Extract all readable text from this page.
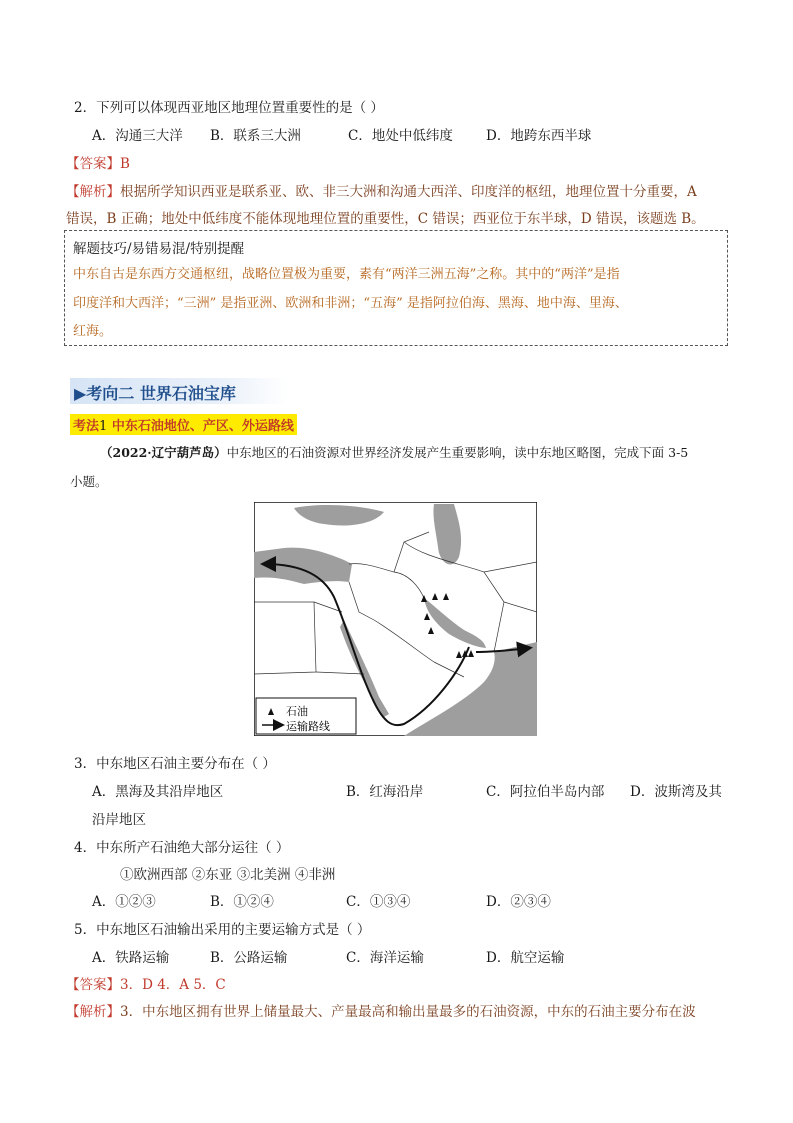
2．下列可以体现西亚地区地理位置重要性的是（ ）
A．沟通三大洋 B．联系三大洲	C．地处中低纬度 D．地跨东西半球
【答案】B
【解析】根据所学知识西亚是联系亚、欧、非三大洲和沟通大西洋、印度洋的枢纽，地理位置十分重要，A
错误，B 正确；地处中低纬度不能体现地理位置的重要性，C 错误；西亚位于东半球，D 错误，该题选 B。
解题技巧/易错易混/特别提醒
中东自古是东西方交通枢纽，战略位置极为重要，素有“两洋三洲五海”之称。其中的“两洋”是指
印度洋和大西洋；“三洲” 是指亚洲、欧洲和非洲；“五海” 是指阿拉伯海、黑海、地中海、里海、
红海。
▶考向二 世界石油宝库
考法1 中东石油地位、产区、外运路线
（2022·辽宁葫芦岛）中东地区的石油资源对世界经济发展产生重要影响，读中东地区略图，完成下面 3-5
小题。
石油
运输路线
3．中东地区石油主要分布在（ ）
A．黑海及其沿岸地区	B．红海沿岸	C．阿拉伯半岛内部 D．波斯湾及其
沿岸地区
4．中东所产石油绝大部分运往（ ）
①欧洲西部 ②东亚 ③北美洲 ④非洲
A．①②③	B．①②④	C．①③④	D．②③④
5．中东地区石油输出采用的主要运输方式是（ ）
A．铁路运输	B．公路运输	C．海洋运输	D．航空运输
【答案】3．D 4．A 5．C
【解析】3．中东地区拥有世界上储量最大、产量最高和输出量最多的石油资源，中东的石油主要分布在波
